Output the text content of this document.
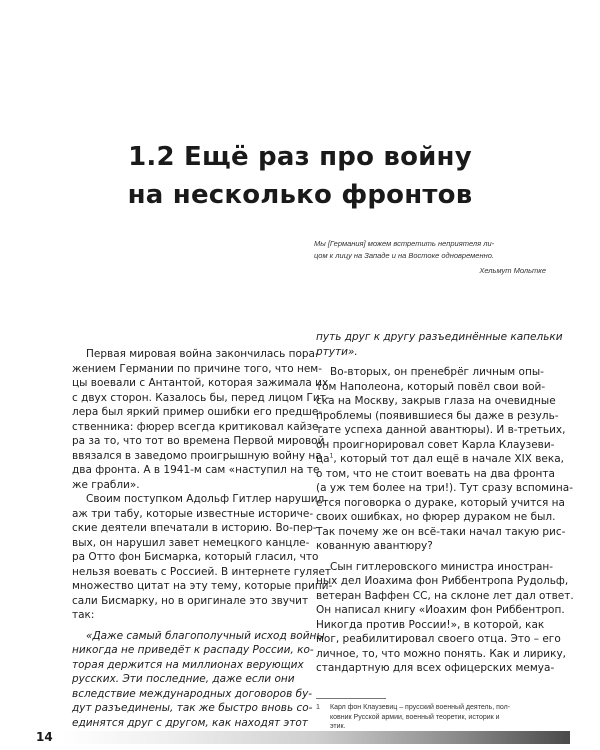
1.2 Ещё раз про войну
на несколько фронтов
Мы [Германия] можем встретить неприятеля ли-
цом к лицу на Западе и на Востоке одновременно.
Хельмут Мольтке
Первая мировая война закончилась пора-
жением Германии по причине того, что нем-
цы воевали с Антантой, которая зажимала их
с двух сторон. Казалось бы, перед лицом Гит-
лера был яркий пример ошибки его предше-
ственника: фюрер всегда критиковал кайзе-
ра за то, что тот во времена Первой мировой
ввязался в заведомо проигрышную войну на
два фронта. А в 1941-м сам «наступил на те
же грабли».
Своим поступком Адольф Гитлер нарушил
аж три табу, которые известные историче-
ские деятели впечатали в историю. Во-пер-
вых, он нарушил завет немецкого канцле-
ра Отто фон Бисмарка, который гласил, что
нельзя воевать с Россией. В интернете гуляет
множество цитат на эту тему, которые припи-
сали Бисмарку, но в оригинале это звучит
так:
«Даже самый благополучный исход войны
никогда не приведёт к распаду России, ко-
торая держится на миллионах верующих
русских. Эти последние, даже если они
вследствие международных договоров бу-
дут разъединены, так же быстро вновь со-
единятся друг с другом, как находят этот
путь друг к другу разъединённые капельки
ртути».
Во-вторых, он пренебрёг личным опы-
том Наполеона, который повёл свои вой-
ска на Москву, закрыв глаза на очевидные
проблемы (появившиеся бы даже в резуль-
тате успеха данной авантюры). И в-третьих,
он проигнорировал совет Карла Клаузеви-
$ца^1$, который тот дал ещё в начале XIX века,
о том, что не стоит воевать на два фронта
(а уж тем более на три!). Тут сразу вспомина-
ется поговорка о дураке, который учится на
своих ошибках, но фюрер дураком не был.
Так почему же он всё-таки начал такую рис-
кованную авантюру?
Сын гитлеровского министра иностран-
ных дел Иоахима фон Риббентропа Рудольф,
ветеран Ваффен СС, на склоне лет дал ответ.
Он написал книгу «Иоахим фон Риббентроп.
Никогда против России!», в которой, как
мог, реабилитировал своего отца. Это – его
личное, то, что можно понять. Как и лирику,
стандартную для всех офицерских мемуа-
1 Карл фон Клаузевиц – прусский военный деятель, пол-
ковник Русской армии, военный теоретик, историк и
этик.
14
